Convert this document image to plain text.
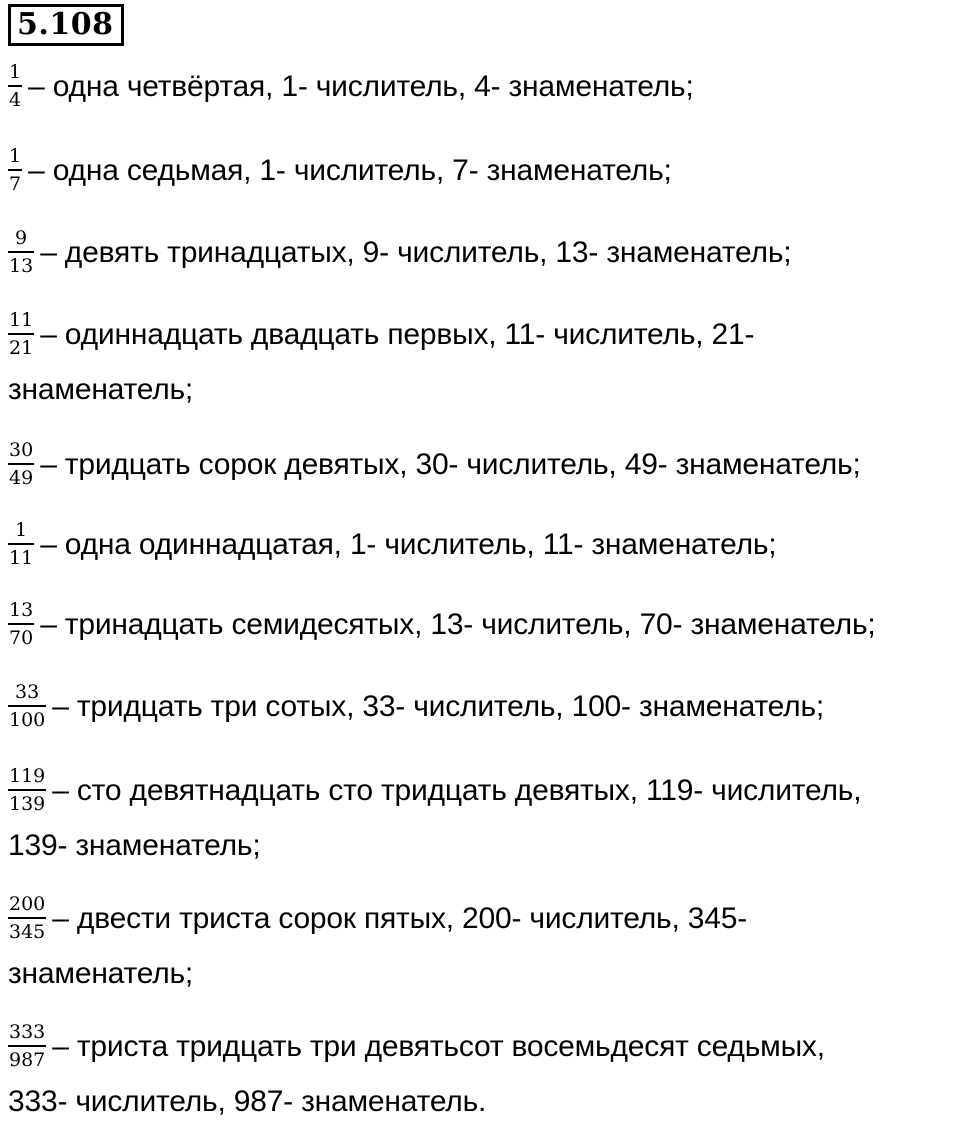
5.108
$\frac{1}{4}$ – одна четвёртая, 1- числитель, 4- знаменатель;
$\frac{1}{7}$ – одна седьмая, 1- числитель, 7- знаменатель;
$\frac{9}{13}$ – девять тринадцатых, 9- числитель, 13- знаменатель;
$\frac{11}{21}$ – одиннадцать двадцать первых, 11- числитель, 21-
знаменатель;
$\frac{30}{49}$ – тридцать сорок девятых, 30- числитель, 49- знаменатель;
$\frac{1}{11}$ – одна одиннадцатая, 1- числитель, 11- знаменатель;
$\frac{13}{70}$ – тринадцать семидесятых, 13- числитель, 70- знаменатель;
$\frac{33}{100}$ – тридцать три сотых, 33- числитель, 100- знаменатель;
$\frac{119}{139}$ – сто девятнадцать сто тридцать девятых, 119- числитель,
139- знаменатель;
$\frac{200}{345}$ – двести триста сорок пятых, 200- числитель, 345-
знаменатель;
$\frac{333}{987}$ – триста тридцать три девятьсот восемьдесят седьмых,
333- числитель, 987- знаменатель.
